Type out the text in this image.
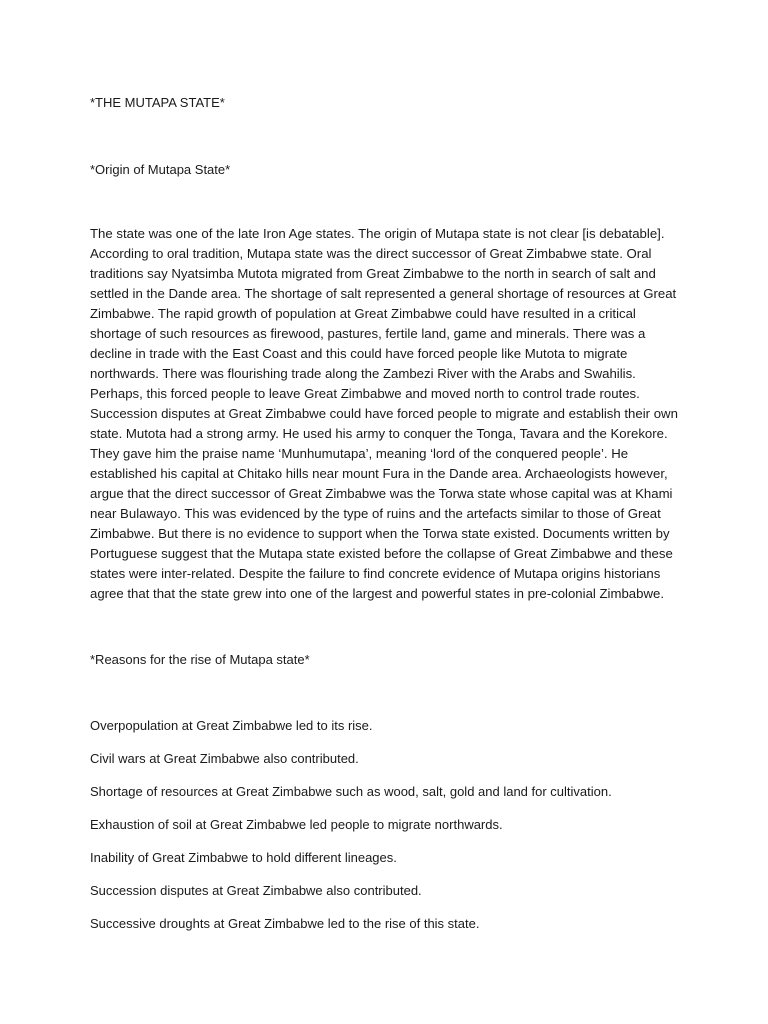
*THE MUTAPA STATE*

*Origin of Mutapa State*

The state was one of the late Iron Age states. The origin of Mutapa state is not clear [is debatable]. According to oral tradition, Mutapa state was the direct successor of Great Zimbabwe state. Oral traditions say Nyatsimba Mutota migrated from Great Zimbabwe to the north in search of salt and settled in the Dande area. The shortage of salt represented a general shortage of resources at Great Zimbabwe. The rapid growth of population at Great Zimbabwe could have resulted in a critical shortage of such resources as firewood, pastures, fertile land, game and minerals. There was a decline in trade with the East Coast and this could have forced people like Mutota to migrate northwards. There was flourishing trade along the Zambezi River with the Arabs and Swahilis. Perhaps, this forced people to leave Great Zimbabwe and moved north to control trade routes. Succession disputes at Great Zimbabwe could have forced people to migrate and establish their own state. Mutota had a strong army. He used his army to conquer the Tonga, Tavara and the Korekore. They gave him the praise name ‘Munhumutapa’, meaning ‘lord of the conquered people’. He established his capital at Chitako hills near mount Fura in the Dande area. Archaeologists however, argue that the direct successor of Great Zimbabwe was the Torwa state whose capital was at Khami near Bulawayo. This was evidenced by the type of ruins and the artefacts similar to those of Great Zimbabwe. But there is no evidence to support when the Torwa state existed. Documents written by Portuguese suggest that the Mutapa state existed before the collapse of Great Zimbabwe and these states were inter-related. Despite the failure to find concrete evidence of Mutapa origins historians agree that that the state grew into one of the largest and powerful states in pre-colonial Zimbabwe.

*Reasons for the rise of Mutapa state*

Overpopulation at Great Zimbabwe led to its rise.
Civil wars at Great Zimbabwe also contributed.
Shortage of resources at Great Zimbabwe such as wood, salt, gold and land for cultivation.
Exhaustion of soil at Great Zimbabwe led people to migrate northwards.
Inability of Great Zimbabwe to hold different lineages.
Succession disputes at Great Zimbabwe also contributed.
Successive droughts at Great Zimbabwe led to the rise of this state.
